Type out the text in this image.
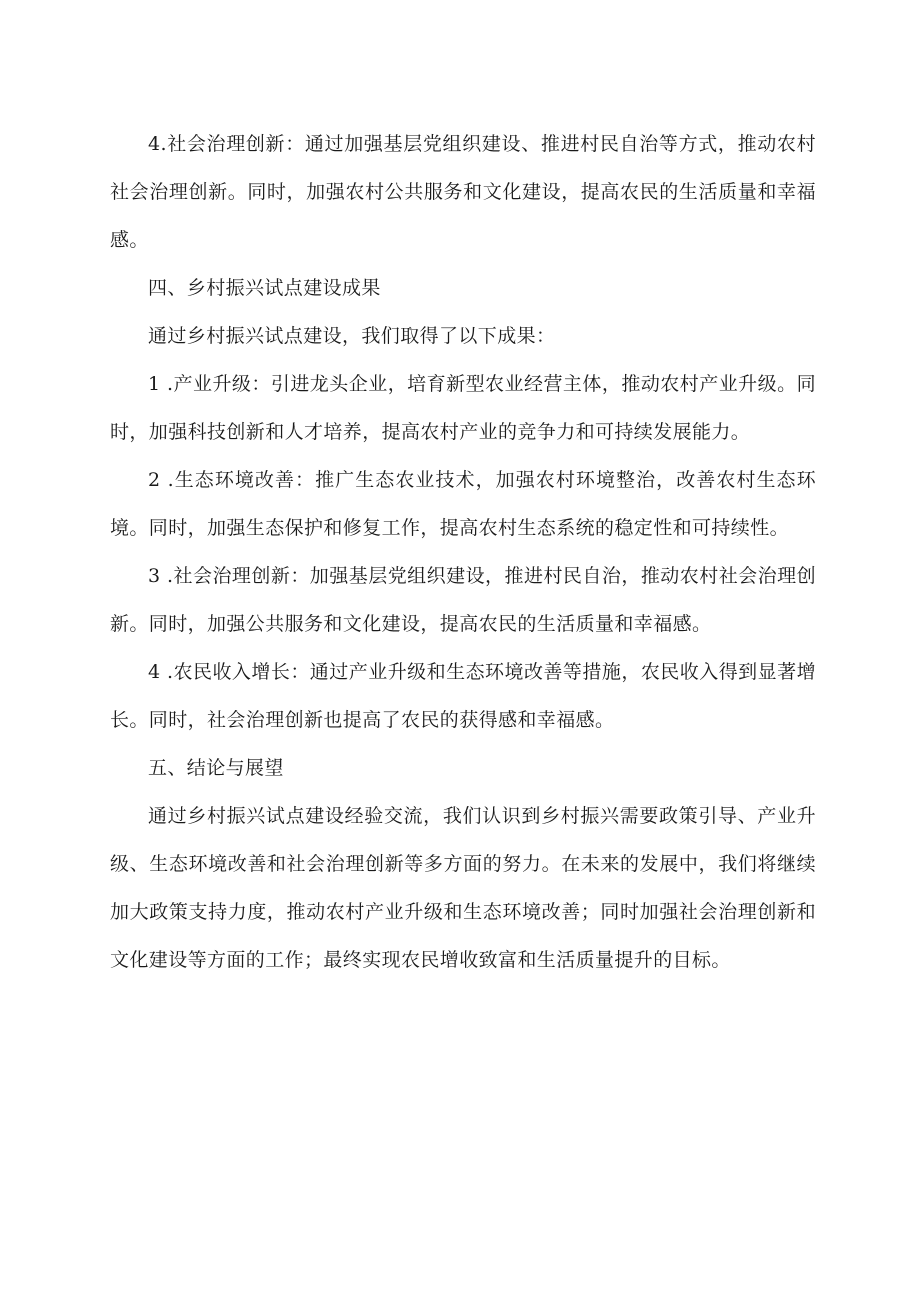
4.社会治理创新：通过加强基层党组织建设、推进村民自治等方式，推动农村社会治理创新。同时，加强农村公共服务和文化建设，提高农民的生活质量和幸福感。

四、乡村振兴试点建设成果

通过乡村振兴试点建设，我们取得了以下成果：

1 .产业升级：引进龙头企业，培育新型农业经营主体，推动农村产业升级。同时，加强科技创新和人才培养，提高农村产业的竞争力和可持续发展能力。

2 .生态环境改善：推广生态农业技术，加强农村环境整治，改善农村生态环境。同时，加强生态保护和修复工作，提高农村生态系统的稳定性和可持续性。

3 .社会治理创新：加强基层党组织建设，推进村民自治，推动农村社会治理创新。同时，加强公共服务和文化建设，提高农民的生活质量和幸福感。

4 .农民收入增长：通过产业升级和生态环境改善等措施，农民收入得到显著增长。同时，社会治理创新也提高了农民的获得感和幸福感。

五、结论与展望

通过乡村振兴试点建设经验交流，我们认识到乡村振兴需要政策引导、产业升级、生态环境改善和社会治理创新等多方面的努力。在未来的发展中，我们将继续加大政策支持力度，推动农村产业升级和生态环境改善；同时加强社会治理创新和文化建设等方面的工作；最终实现农民增收致富和生活质量提升的目标。
